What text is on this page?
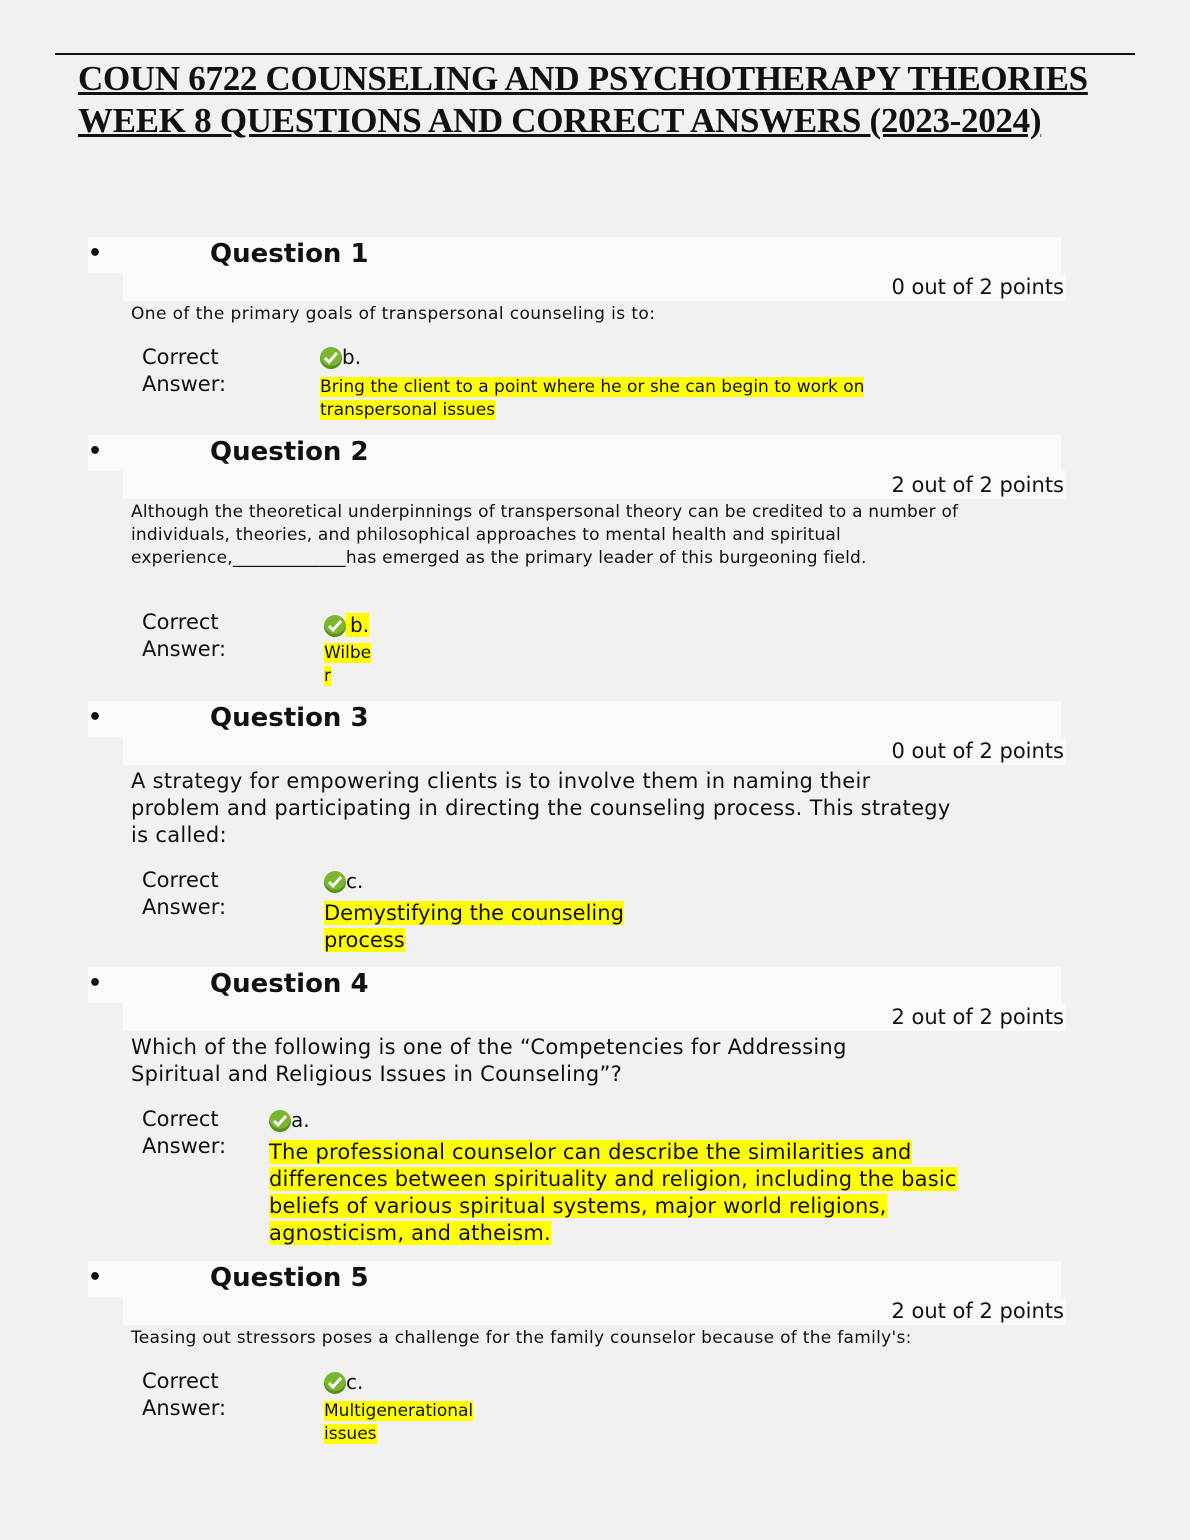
COUN 6722 COUNSELING AND PSYCHOTHERAPY THEORIES WEEK 8 QUESTIONS AND CORRECT ANSWERS (2023-2024)
•	Question 1
0 out of 2 points

One of the primary goals of transpersonal counseling is to:

Correct Answer:
b.

Bring the client to a point where he or she can begin to work on transpersonal issues

•	Question 2
2 out of 2 points

Although the theoretical underpinnings of transpersonal theory can be credited to a number of individuals, theories, and philosophical approaches to mental health and spiritual experience,_____________has emerged as the primary leader of this burgeoning field.

Correct Answer:
b.

Wilber

•	Question 3
0 out of 2 points

A strategy for empowering clients is to involve them in naming their problem and participating in directing the counseling process. This strategy is called:

Correct Answer:
c.

Demystifying the counseling process

•	Question 4
2 out of 2 points

Which of the following is one of the “Competencies for Addressing Spiritual and Religious Issues in Counseling”?

Correct Answer:
a.

The professional counselor can describe the similarities and differences between spirituality and religion, including the basic beliefs of various spiritual systems, major world religions, agnosticism, and atheism.

•	Question 5
2 out of 2 points

Teasing out stressors poses a challenge for the family counselor because of the family's:

Correct Answer:
c.

Multigenerational issues
